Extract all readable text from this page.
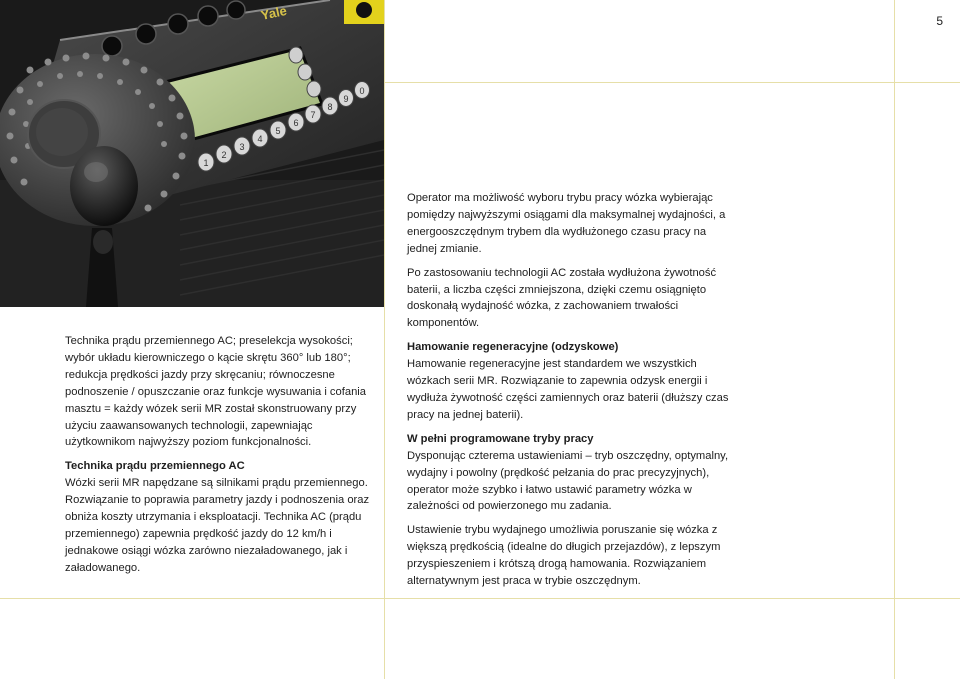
5
Yale
1
2
3
4
5
6
7
8
9
0

Technika prądu przemiennego AC; preselekcja wysokości; wybór układu kierowniczego o kącie skrętu 360° lub 180°; redukcja prędkości jazdy przy skręcaniu; równoczesne podnoszenie / opuszczanie oraz funkcje wysuwania i cofania masztu = każdy wózek serii MR został skonstruowany przy użyciu zaawansowanych technologii, zapewniając użytkownikom najwyższy poziom funkcjonalności.

Technika prądu przemiennego AC

Wózki serii MR napędzane są silnikami prądu przemiennego. Rozwiązanie to poprawia parametry jazdy i podnoszenia oraz obniża koszty utrzymania i eksploatacji. Technika AC (prądu przemiennego) zapewnia prędkość jazdy do 12 km/h i jednakowe osiągi wózka zarówno niezaładowanego, jak i załadowanego.

Operator ma możliwość wyboru trybu pracy wózka wybierając pomiędzy najwyższymi osiągami dla maksymalnej wydajności, a energooszczędnym trybem dla wydłużonego czasu pracy na jednej zmianie.

Po zastosowaniu technologii AC została wydłużona żywotność baterii, a liczba części zmniejszona, dzięki czemu osiągnięto doskonałą wydajność wózka, z zachowaniem trwałości komponentów.

Hamowanie regeneracyjne (odzyskowe)

Hamowanie regeneracyjne jest standardem we wszystkich wózkach serii MR. Rozwiązanie to zapewnia odzysk energii i wydłuża żywotność części zamiennych oraz baterii (dłuższy czas pracy na jednej baterii).

W pełni programowane tryby pracy

Dysponując czterema ustawieniami – tryb oszczędny, optymalny, wydajny i powolny (prędkość pełzania do prac precyzyjnych), operator może szybko i łatwo ustawić parametry wózka w zależności od powierzonego mu zadania.

Ustawienie trybu wydajnego umożliwia poruszanie się wózka z większą prędkością (idealne do długich przejazdów), z lepszym przyspieszeniem i krótszą drogą hamowania. Rozwiązaniem alternatywnym jest praca w trybie oszczędnym.
